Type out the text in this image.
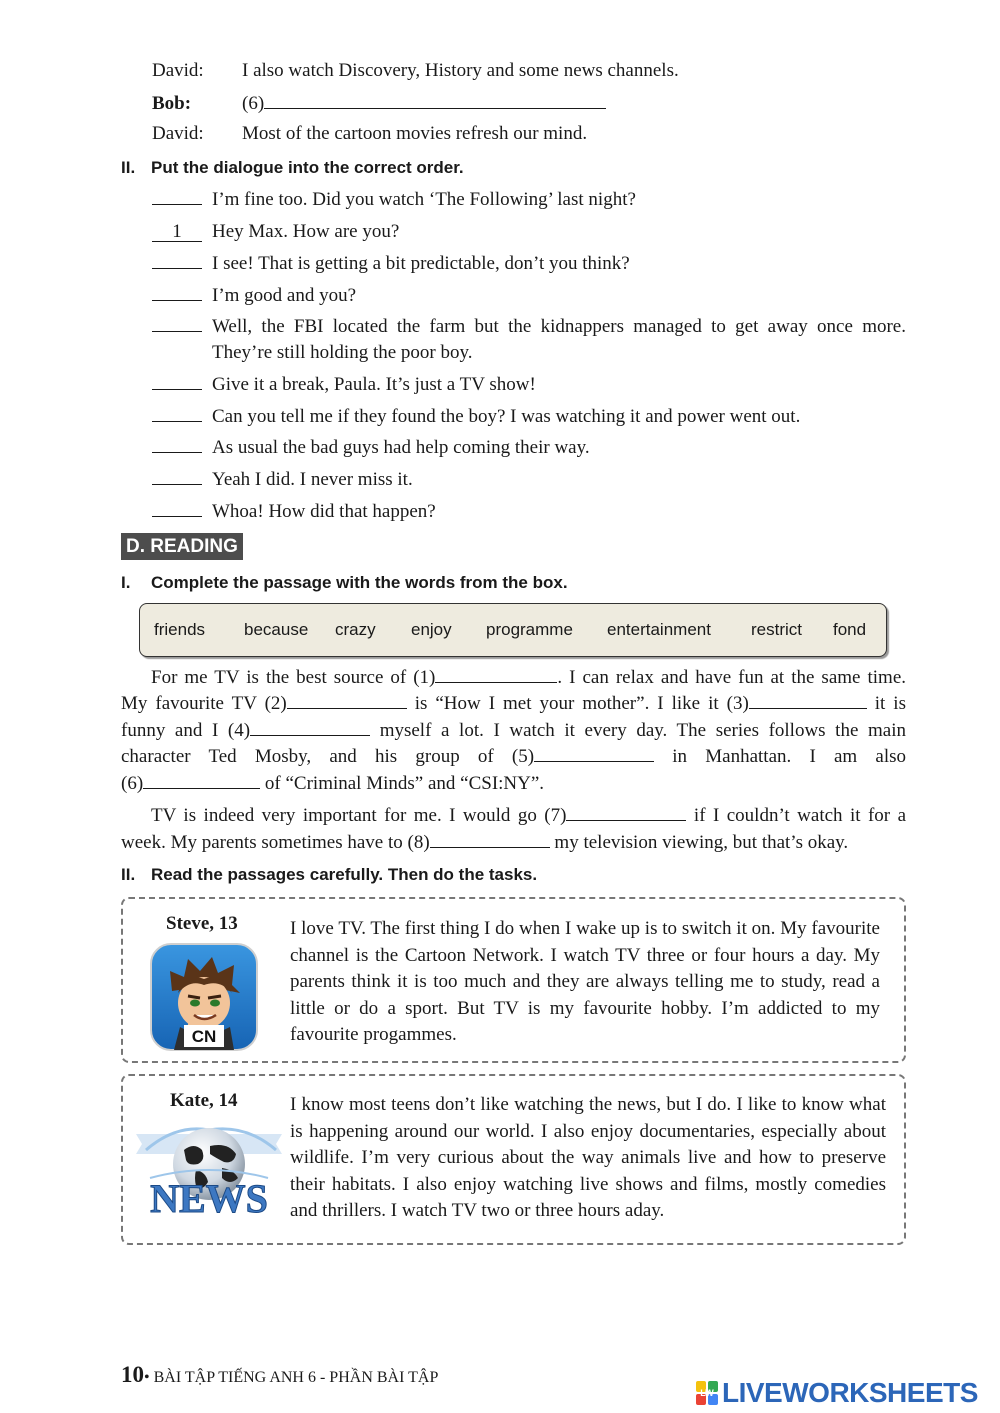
David: I also watch Discovery, History and some news channels.
Bob:	(6)
David: Most of the cartoon movies refresh our mind.
II. Put the dialogue into the correct order.
I’m fine too. Did you watch ‘The Following’ last night?
1 Hey Max. How are you?
I see! That is getting a bit predictable, don’t you think?
I’m good and you?
Well, the FBI located the farm but the kidnappers managed to get away once more.
They’re still holding the poor boy.
Give it a break, Paula. It’s just a TV show!
Can you tell me if they found the boy? I was watching it and power went out.
As usual the bad guys had help coming their way.
Yeah I did. I never miss it.
Whoa! How did that happen?
D. READING
I. Complete the passage with the words from the box.
friends because crazy enjoy programme entertainment restrict fond
For me TV is the best source of (1)	. I can relax and have fun at the same time.
My favourite TV (2)	is “How I met your mother”. I like it (3)	it is
funny and I (4)	myself a lot. I watch it every day. The series follows the main
character Ted Mosby, and his group of (5)	in Manhattan. I am also
(6)	of “Criminal Minds” and “CSI:NY”.
TV is indeed very important for me. I would go (7)	if I couldn’t watch it for a
week. My parents sometimes have to (8)	my television viewing, but that’s okay.
II. Read the passages carefully. Then do the tasks.
Steve, 13
CN
I love TV. The first thing I do when I wake up is to switch it on. My favourite channel is the Cartoon Network. I watch TV three or four hours a day. My parents think it is too much and they are always telling me to study, read a little or do a sport. But TV is my favourite hobby. I’m addicted to my favourite progammes.
Kate, 14
NEWS
I know most teens don’t like watching the news, but I do. I like to know what is happening around our world. I also enjoy documentaries, especially about wildlife. I’m very curious about the way animals live and how to preserve their habitats. I also enjoy watching live shows and films, mostly comedies and thrillers. I watch TV two or three hours aday.
10• BÀI TẬP TIẾNG ANH 6 - PHẦN BÀI TẬP
LW LIVEWORKSHEETS
